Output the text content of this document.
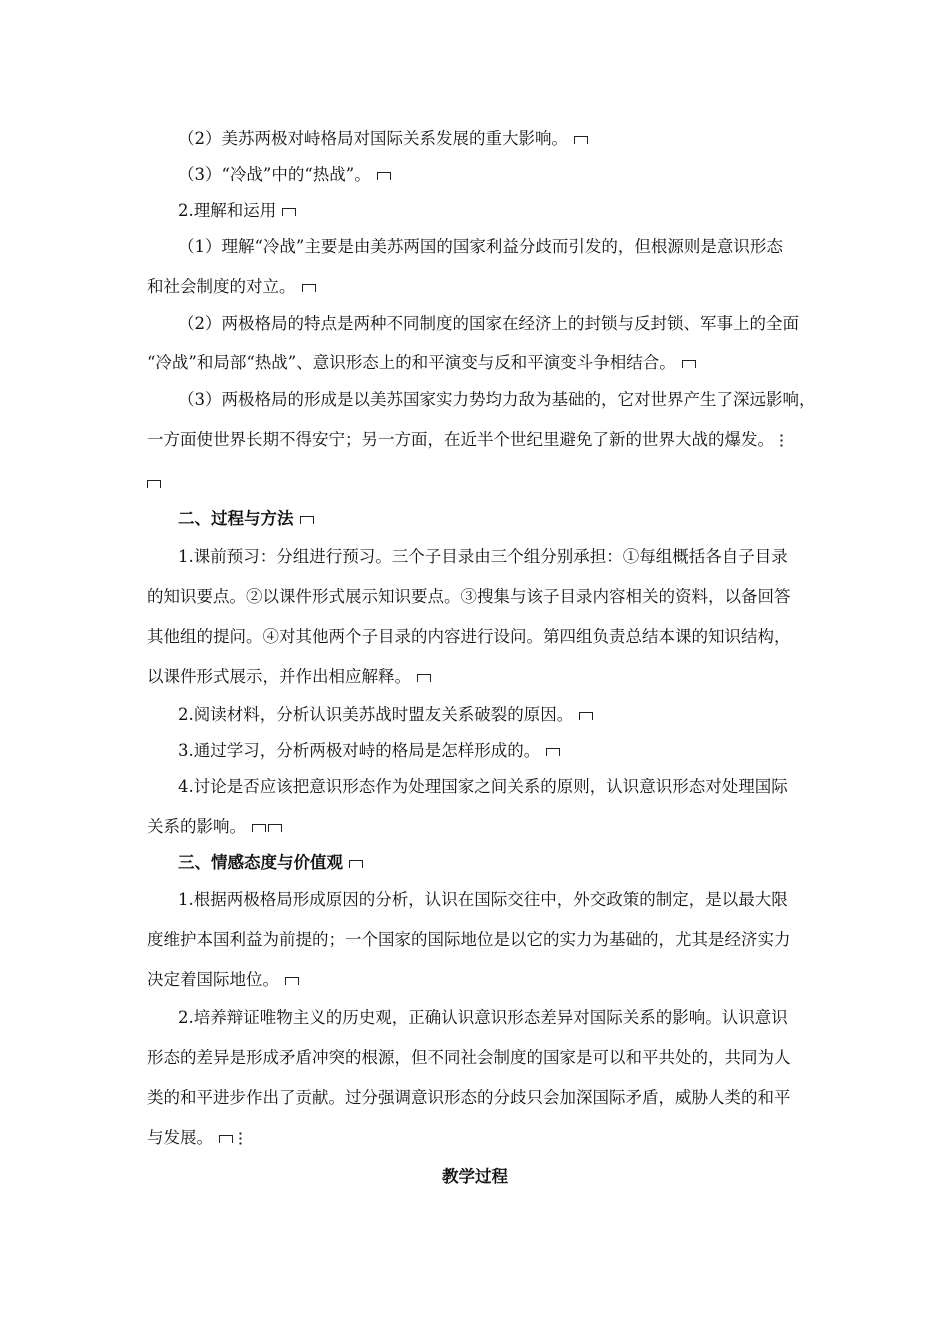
（2）美苏两极对峙格局对国际关系发展的重大影响。
（3）“冷战”中的“热战”。
2.理解和运用
（1）理解“冷战”主要是由美苏两国的国家利益分歧而引发的，但根源则是意识形态
和社会制度的对立。
（2）两极格局的特点是两种不同制度的国家在经济上的封锁与反封锁、军事上的全面
“冷战”和局部“热战”、意识形态上的和平演变与反和平演变斗争相结合。
（3）两极格局的形成是以美苏国家实力势均力敌为基础的，它对世界产生了深远影响，
一方面使世界长期不得安宁；另一方面，在近半个世纪里避免了新的世界大战的爆发。
二、过程与方法
1.课前预习：分组进行预习。三个子目录由三个组分别承担：①每组概括各自子目录
的知识要点。②以课件形式展示知识要点。③搜集与该子目录内容相关的资料，以备回答
其他组的提问。④对其他两个子目录的内容进行设问。第四组负责总结本课的知识结构，
以课件形式展示，并作出相应解释。
2.阅读材料，分析认识美苏战时盟友关系破裂的原因。
3.通过学习，分析两极对峙的格局是怎样形成的。
4.讨论是否应该把意识形态作为处理国家之间关系的原则，认识意识形态对处理国际
关系的影响。
三、情感态度与价值观
1.根据两极格局形成原因的分析，认识在国际交往中，外交政策的制定，是以最大限
度维护本国利益为前提的；一个国家的国际地位是以它的实力为基础的，尤其是经济实力
决定着国际地位。
2.培养辩证唯物主义的历史观，正确认识意识形态差异对国际关系的影响。认识意识
形态的差异是形成矛盾冲突的根源，但不同社会制度的国家是可以和平共处的，共同为人
类的和平进步作出了贡献。过分强调意识形态的分歧只会加深国际矛盾，威胁人类的和平
与发展。
教学过程
